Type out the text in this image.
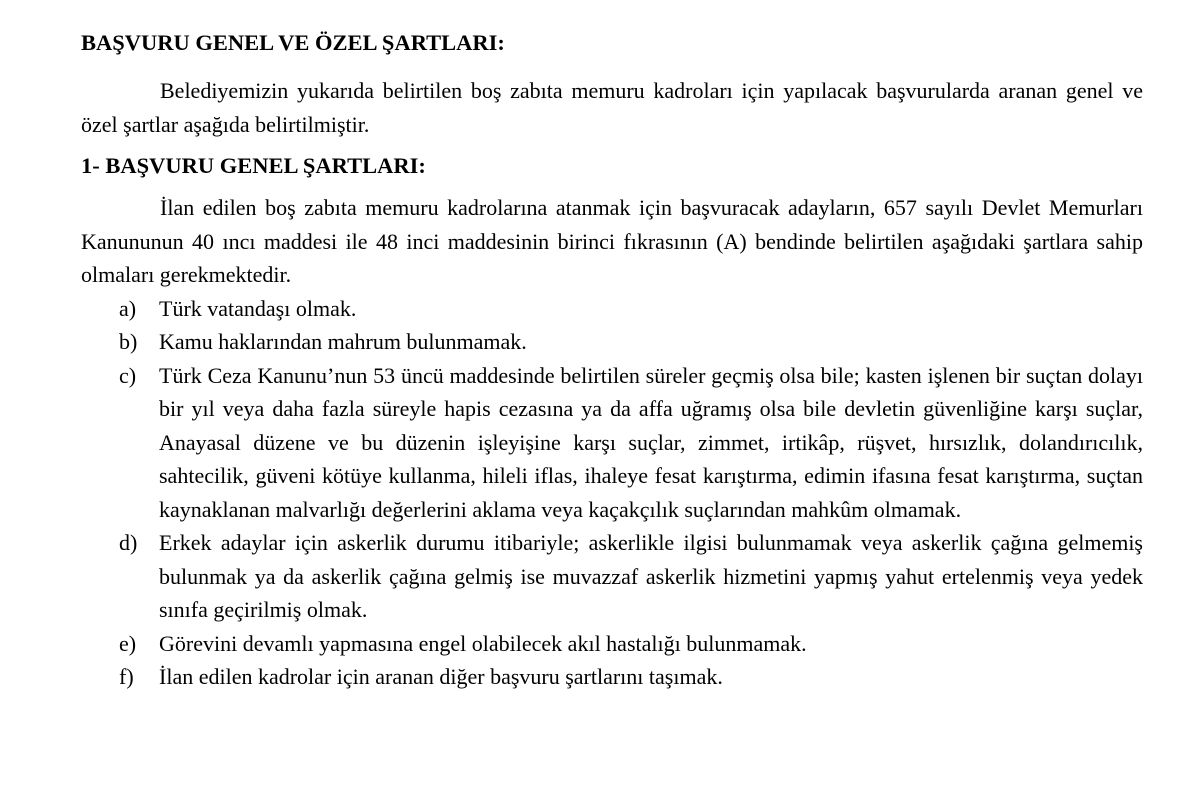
BAŞVURU GENEL VE ÖZEL ŞARTLARI:

Belediyemizin yukarıda belirtilen boş zabıta memuru kadroları için yapılacak başvurularda aranan genel ve özel şartlar aşağıda belirtilmiştir.

1- BAŞVURU GENEL ŞARTLARI:

İlan edilen boş zabıta memuru kadrolarına atanmak için başvuracak adayların, 657 sayılı Devlet Memurları Kanununun 40 ıncı maddesi ile 48 inci maddesinin birinci fıkrasının (A) bendinde belirtilen aşağıdaki şartlara sahip olmaları gerekmektedir.

a) Türk vatandaşı olmak.
b) Kamu haklarından mahrum bulunmamak.
c) Türk Ceza Kanunu’nun 53 üncü maddesinde belirtilen süreler geçmiş olsa bile; kasten işlenen bir suçtan dolayı bir yıl veya daha fazla süreyle hapis cezasına ya da affa uğramış olsa bile devletin güvenliğine karşı suçlar, Anayasal düzene ve bu düzenin işleyişine karşı suçlar, zimmet, irtikâp, rüşvet, hırsızlık, dolandırıcılık, sahtecilik, güveni kötüye kullanma, hileli iflas, ihaleye fesat karıştırma, edimin ifasına fesat karıştırma, suçtan kaynaklanan malvarlığı değerlerini aklama veya kaçakçılık suçlarından mahkûm olmamak.
d) Erkek adaylar için askerlik durumu itibariyle; askerlikle ilgisi bulunmamak veya askerlik çağına gelmemiş bulunmak ya da askerlik çağına gelmiş ise muvazzaf askerlik hizmetini yapmış yahut ertelenmiş veya yedek sınıfa geçirilmiş olmak.
e) Görevini devamlı yapmasına engel olabilecek akıl hastalığı bulunmamak.
f) İlan edilen kadrolar için aranan diğer başvuru şartlarını taşımak.
